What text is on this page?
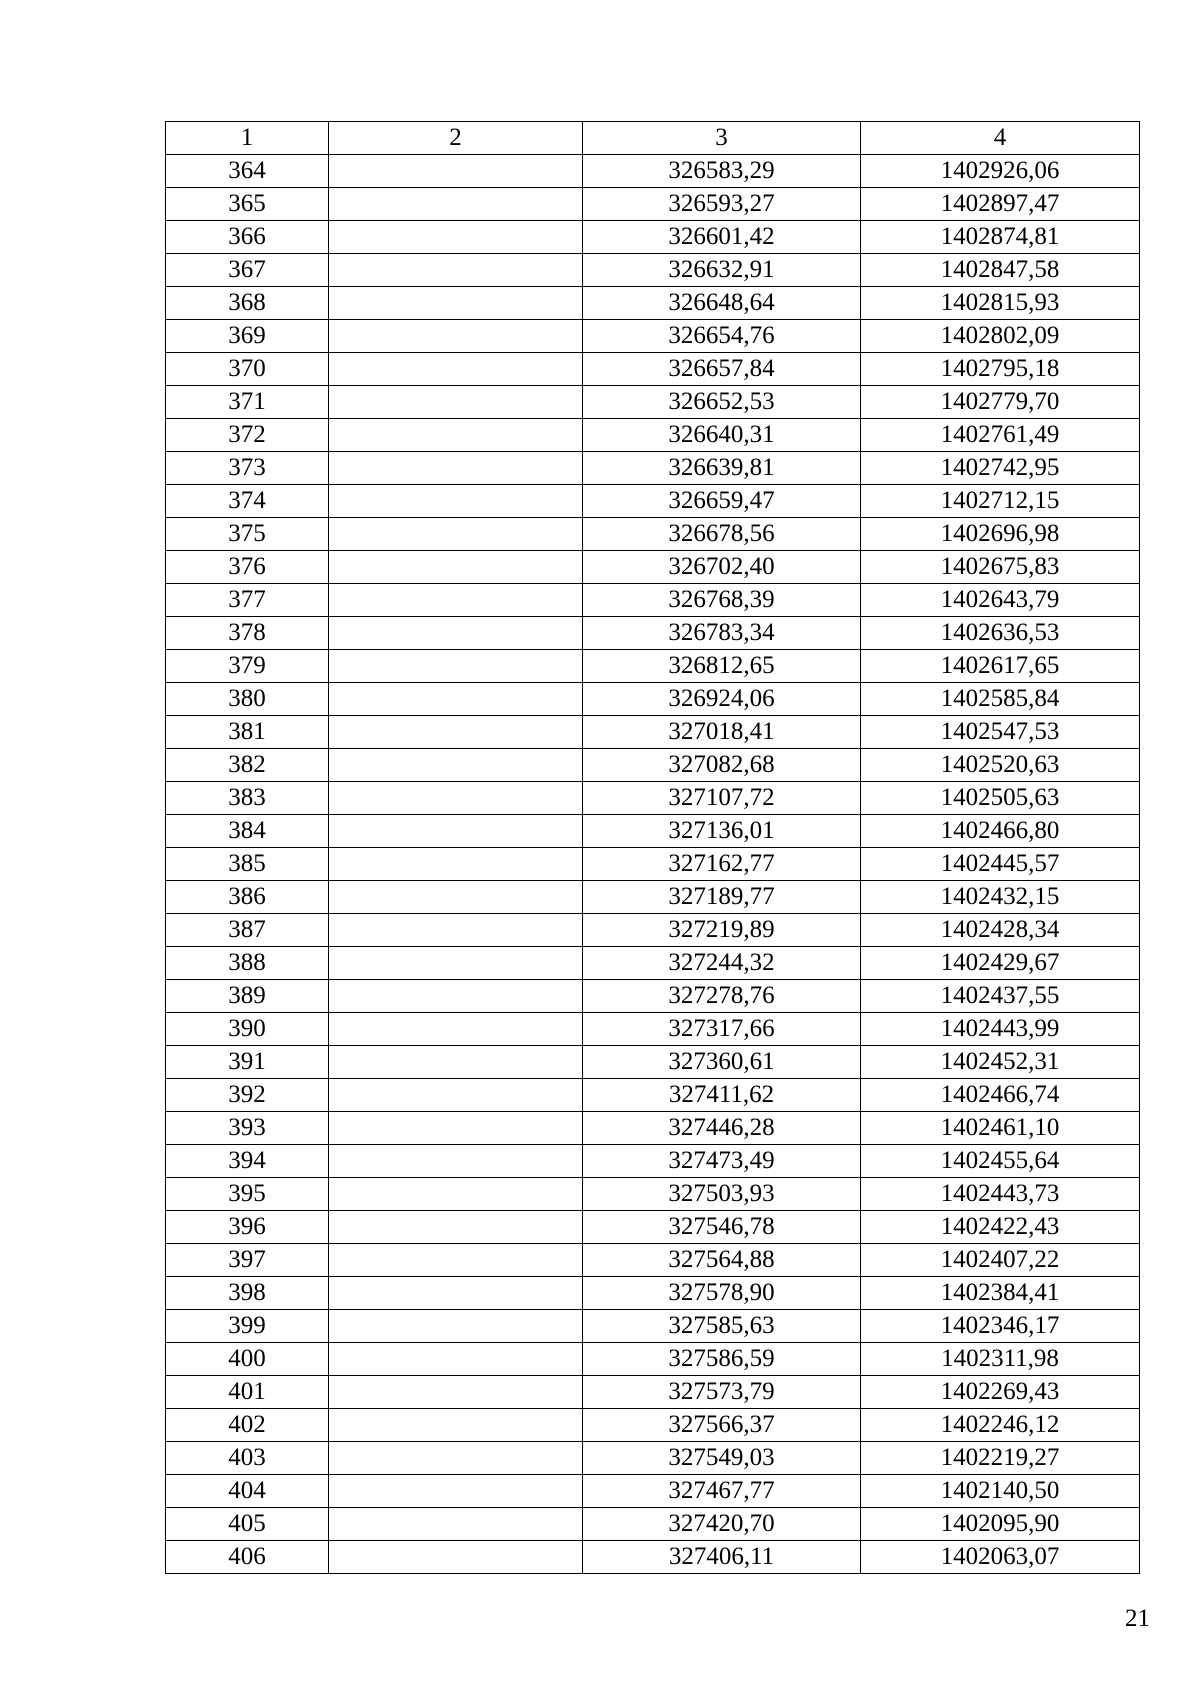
1	2	3	4
364		326583,29	1402926,06
365		326593,27	1402897,47
366		326601,42	1402874,81
367		326632,91	1402847,58
368		326648,64	1402815,93
369		326654,76	1402802,09
370		326657,84	1402795,18
371		326652,53	1402779,70
372		326640,31	1402761,49
373		326639,81	1402742,95
374		326659,47	1402712,15
375		326678,56	1402696,98
376		326702,40	1402675,83
377		326768,39	1402643,79
378		326783,34	1402636,53
379		326812,65	1402617,65
380		326924,06	1402585,84
381		327018,41	1402547,53
382		327082,68	1402520,63
383		327107,72	1402505,63
384		327136,01	1402466,80
385		327162,77	1402445,57
386		327189,77	1402432,15
387		327219,89	1402428,34
388		327244,32	1402429,67
389		327278,76	1402437,55
390		327317,66	1402443,99
391		327360,61	1402452,31
392		327411,62	1402466,74
393		327446,28	1402461,10
394		327473,49	1402455,64
395		327503,93	1402443,73
396		327546,78	1402422,43
397		327564,88	1402407,22
398		327578,90	1402384,41
399		327585,63	1402346,17
400		327586,59	1402311,98
401		327573,79	1402269,43
402		327566,37	1402246,12
403		327549,03	1402219,27
404		327467,77	1402140,50
405		327420,70	1402095,90
406		327406,11	1402063,07
21
